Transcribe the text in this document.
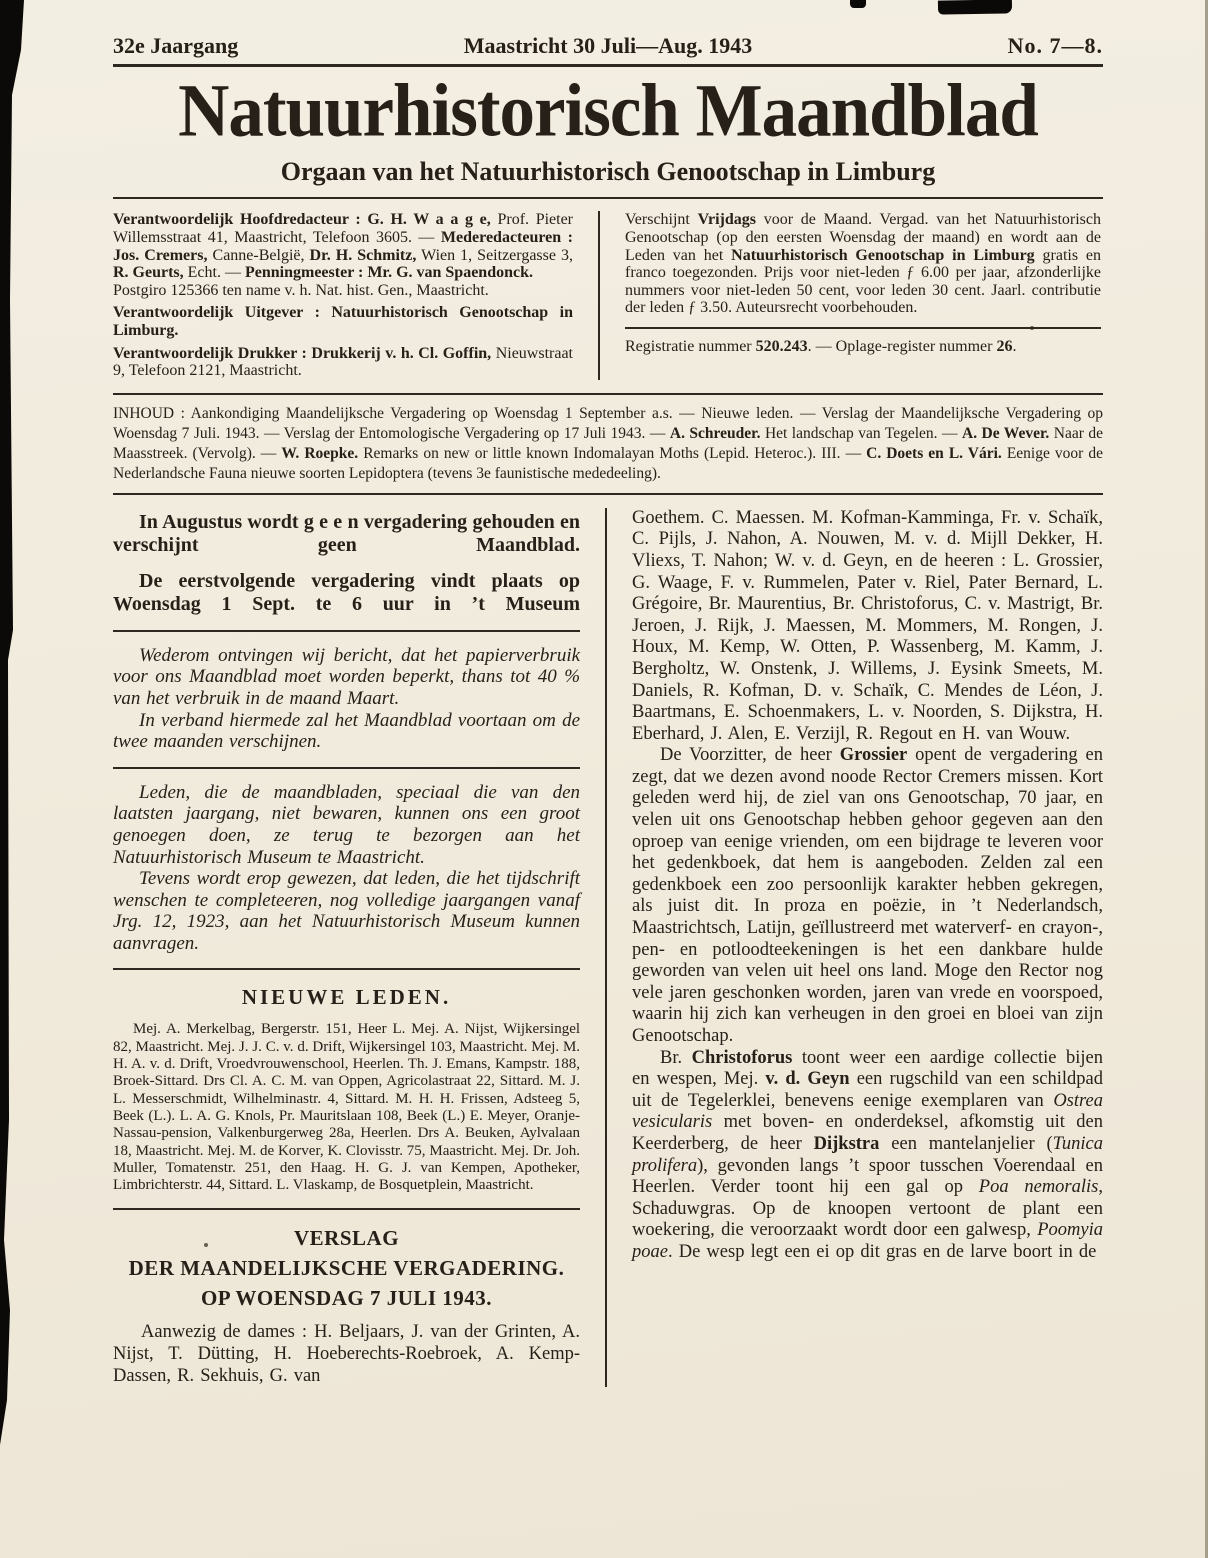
32e Jaargang	Maastricht 30 Juli—Aug. 1943	No. 7—8.
Natuurhistorisch Maandblad
Orgaan van het Natuurhistorisch Genootschap in Limburg

Verantwoordelijk Hoofdredacteur : G. H. W a a g e, Prof. Pieter Willemsstraat 41, Maastricht, Telefoon 3605. — Mederedacteuren : Jos. Cremers, Canne-België, Dr. H. Schmitz, Wien 1, Seitzergasse 3, R. Geurts, Echt. — Penningmeester : Mr. G. van Spaendonck.

Postgiro 125366 ten name v. h. Nat. hist. Gen., Maastricht.

Verantwoordelijk Uitgever : Natuurhistorisch Genootschap in Limburg.

Verantwoordelijk Drukker : Drukkerij v. h. Cl. Goffin, Nieuwstraat 9, Telefoon 2121, Maastricht.

Verschijnt Vrijdags voor de Maand. Vergad. van het Natuurhistorisch Genootschap (op den eersten Woensdag der maand) en wordt aan de Leden van het Natuurhistorisch Genootschap in Limburg gratis en franco toegezonden. Prijs voor niet-leden ƒ 6.00 per jaar, afzonderlijke nummers voor niet-leden 50 cent, voor leden 30 cent. Jaarl. contributie der leden ƒ 3.50. Auteursrecht voorbehouden.

Registratie nummer 520.243. — Oplage-register nummer 26.

INHOUD : Aankondiging Maandelijksche Vergadering op Woensdag 1 September a.s. — Nieuwe leden. — Verslag der Maandelijksche Vergadering op Woensdag 7 Juli. 1943. — Verslag der Entomologische Vergadering op 17 Juli 1943. — A. Schreuder. Het landschap van Tegelen. — A. De Wever. Naar de Maasstreek. (Vervolg). — W. Roepke. Remarks on new or little known Indomalayan Moths (Lepid. Heteroc.). III. — C. Doets en L. Vári. Eenige voor de Nederlandsche Fauna nieuwe soorten Lepidoptera (tevens 3e faunistische mededeeling).

In Augustus wordt g e e n vergadering gehouden en verschijnt geen Maandblad.

De eerstvolgende vergadering vindt plaats op Woensdag 1 Sept. te 6 uur in ’t Museum

Wederom ontvingen wij bericht, dat het papierverbruik voor ons Maandblad moet worden beperkt, thans tot 40 % van het verbruik in de maand Maart.

In verband hiermede zal het Maandblad voortaan om de twee maanden verschijnen.

Leden, die de maandbladen, speciaal die van den laatsten jaargang, niet bewaren, kunnen ons een groot genoegen doen, ze terug te bezorgen aan het Natuurhistorisch Museum te Maastricht.

Tevens wordt erop gewezen, dat leden, die het tijdschrift wenschen te completeeren, nog volledige jaargangen vanaf Jrg. 12, 1923, aan het Natuurhistorisch Museum kunnen aanvragen.

NIEUWE LEDEN.

Mej. A. Merkelbag, Bergerstr. 151, Heer L. Mej. A. Nijst, Wijkersingel 82, Maastricht. Mej. J. J. C. v. d. Drift, Wijkersingel 103, Maastricht. Mej. M. H. A. v. d. Drift, Vroedvrouwenschool, Heerlen. Th. J. Emans, Kampstr. 188, Broek-Sittard. Drs Cl. A. C. M. van Oppen, Agricolastraat 22, Sittard. M. J. L. Messerschmidt, Wilhelminastr. 4, Sittard. M. H. H. Frissen, Adsteeg 5, Beek (L.). L. A. G. Knols, Pr. Mauritslaan 108, Beek (L.) E. Meyer, Oranje-Nassau-pension, Valkenburgerweg 28a, Heerlen. Drs A. Beuken, Aylvalaan 18, Maastricht. Mej. M. de Korver, K. Clovisstr. 75, Maastricht. Mej. Dr. Joh. Muller, Tomatenstr. 251, den Haag. H. G. J. van Kempen, Apotheker, Limbrichterstr. 44, Sittard. L. Vlaskamp, de Bosquetplein, Maastricht.

VERSLAG
DER MAANDELIJKSCHE VERGADERING.
OP WOENSDAG 7 JULI 1943.

Aanwezig de dames : H. Beljaars, J. van der Grinten, A. Nijst, T. Dütting, H. Hoeberechts-Roebroek, A. Kemp-Dassen, R. Sekhuis, G. van

Goethem. C. Maessen. M. Kofman-Kamminga, Fr. v. Schaïk, C. Pijls, J. Nahon, A. Nouwen, M. v. d. Mijll Dekker, H. Vliexs, T. Nahon; W. v. d. Geyn, en de heeren : L. Grossier, G. Waage, F. v. Rummelen, Pater v. Riel, Pater Bernard, L. Grégoire, Br. Maurentius, Br. Christoforus, C. v. Mastrigt, Br. Jeroen, J. Rijk, J. Maessen, M. Mommers, M. Rongen, J. Houx, M. Kemp, W. Otten, P. Wassenberg, M. Kamm, J. Bergholtz, W. Onstenk, J. Willems, J. Eysink Smeets, M. Daniels, R. Kofman, D. v. Schaïk, C. Mendes de Léon, J. Baartmans, E. Schoenmakers, L. v. Noorden, S. Dijkstra, H. Eberhard, J. Alen, E. Verzijl, R. Regout en H. van Wouw.

De Voorzitter, de heer Grossier opent de vergadering en zegt, dat we dezen avond noode Rector Cremers missen. Kort geleden werd hij, de ziel van ons Genootschap, 70 jaar, en velen uit ons Genootschap hebben gehoor gegeven aan den oproep van eenige vrienden, om een bijdrage te leveren voor het gedenkboek, dat hem is aangeboden. Zelden zal een gedenkboek een zoo persoonlijk karakter hebben gekregen, als juist dit. In proza en poëzie, in ’t Nederlandsch, Maastrichtsch, Latijn, geïllustreerd met waterverf- en crayon-, pen- en potloodteekeningen is het een dankbare hulde geworden van velen uit heel ons land. Moge den Rector nog vele jaren geschonken worden, jaren van vrede en voorspoed, waarin hij zich kan verheugen in den groei en bloei van zijn Genootschap.

Br. Christoforus toont weer een aardige collectie bijen en wespen, Mej. v. d. Geyn een rugschild van een schildpad uit de Tegelerklei, benevens eenige exemplaren van Ostrea vesicularis met boven- en onderdeksel, afkomstig uit den Keerderberg, de heer Dijkstra een mantelanjelier (Tunica prolifera), gevonden langs ’t spoor tusschen Voerendaal en Heerlen. Verder toont hij een gal op Poa nemoralis, Schaduwgras. Op de knoopen vertoont de plant een woekering, die veroorzaakt wordt door een galwesp, Poomyia poae. De wesp legt een ei op dit gras en de larve boort in de
